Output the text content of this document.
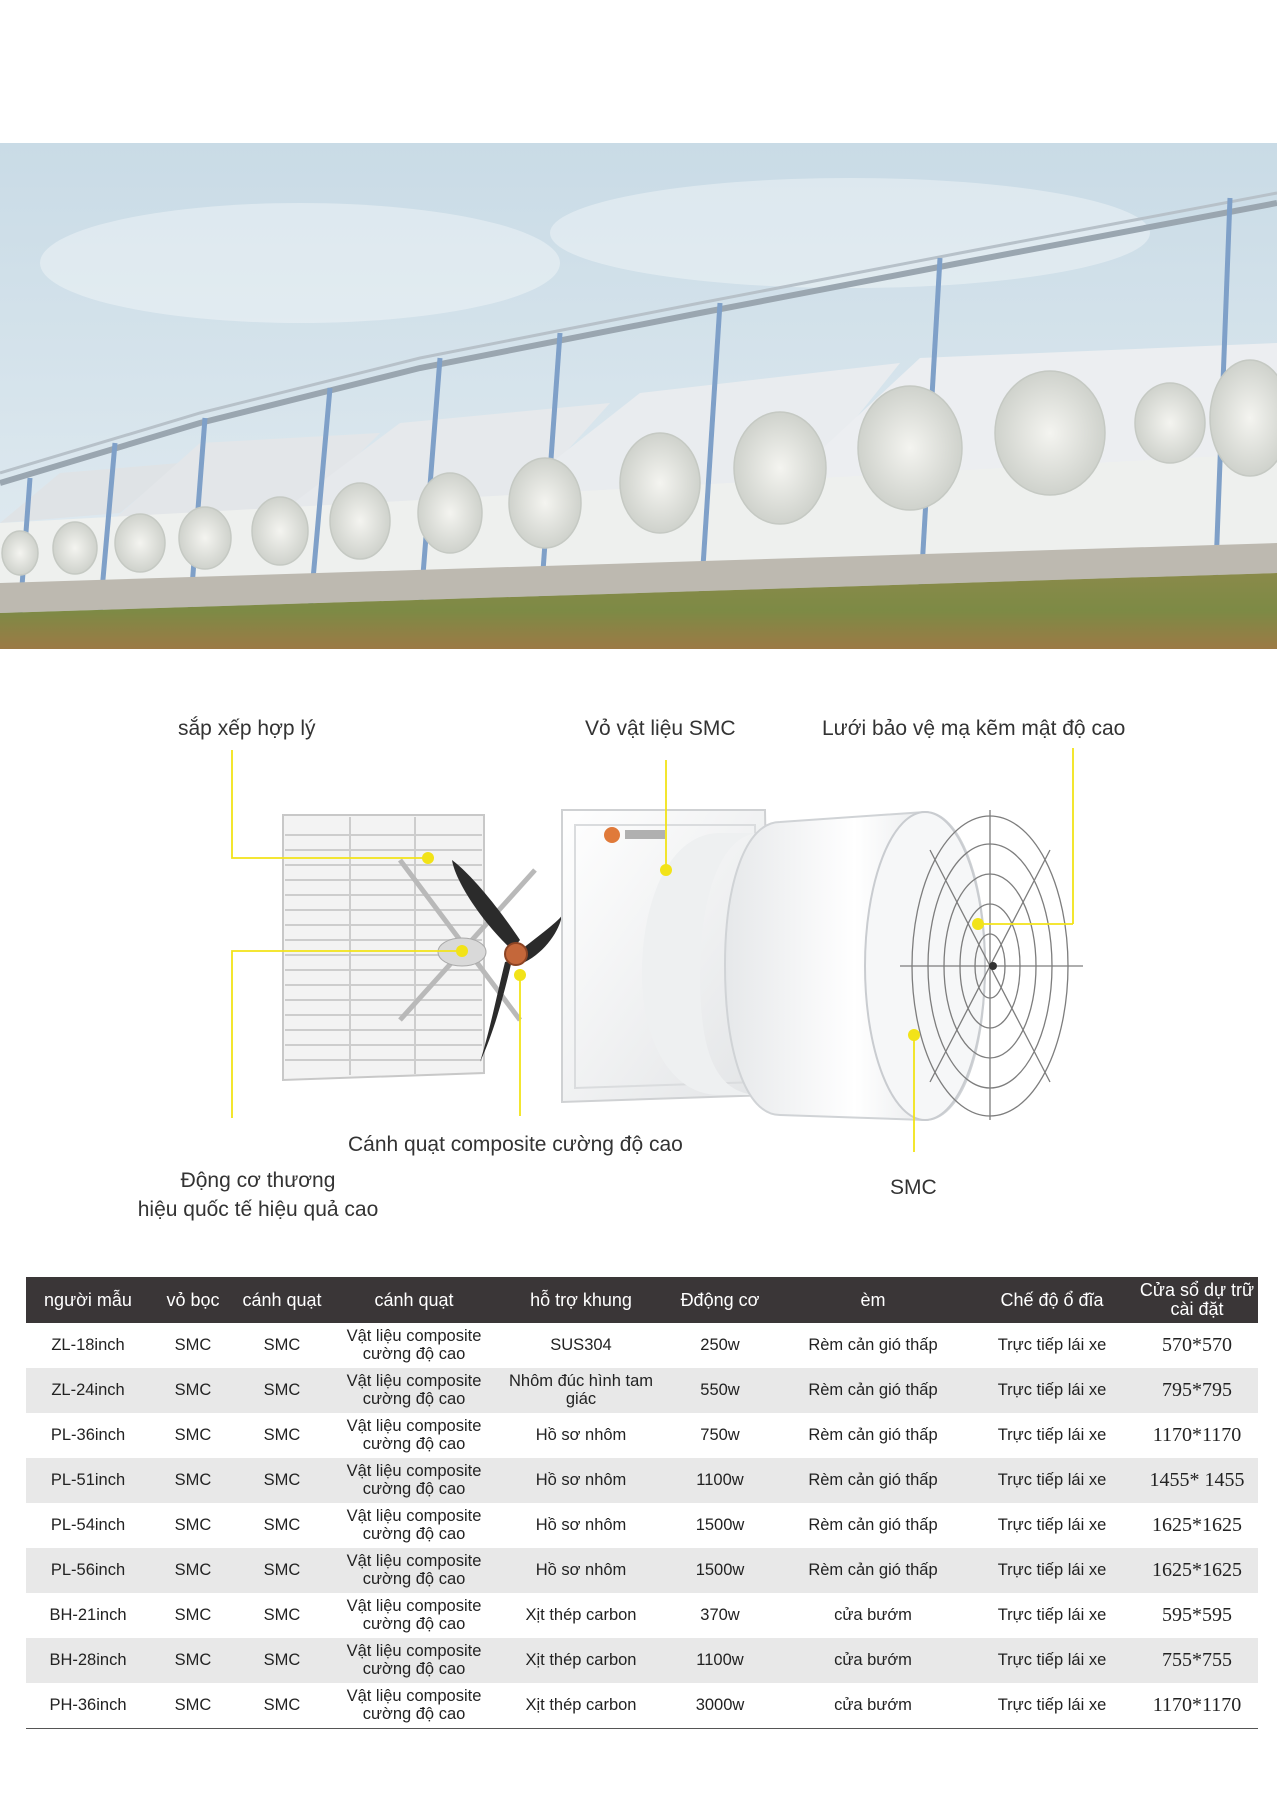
sắp xếp hợp lý	Vỏ vật liệu SMC	Lưới bảo vệ mạ kẽm mật độ cao
Cánh quạt composite cường độ cao
Động cơ thương
hiệu quốc tế hiệu quả cao
SMC
người mẫu	vỏ bọc	cánh quạt	cánh quạt	hỗ trợ khung	Đđộng cơ	èm	Chế độ ổ đĩa	Cửa sổ dự trữ cài đặt
ZL-18inch	SMC	SMC	Vật liệu composite cường độ cao	SUS304	250w	Rèm cản gió thấp	Trực tiếp lái xe	570*570
ZL-24inch	SMC	SMC	Vật liệu composite cường độ cao	Nhôm đúc hình tam giác	550w	Rèm cản gió thấp	Trực tiếp lái xe	795*795
PL-36inch	SMC	SMC	Vật liệu composite cường độ cao	Hồ sơ nhôm	750w	Rèm cản gió thấp	Trực tiếp lái xe	1170*1170
PL-51inch	SMC	SMC	Vật liệu composite cường độ cao	Hồ sơ nhôm	1100w	Rèm cản gió thấp	Trực tiếp lái xe	1455* 1455
PL-54inch	SMC	SMC	Vật liệu composite cường độ cao	Hồ sơ nhôm	1500w	Rèm cản gió thấp	Trực tiếp lái xe	1625*1625
PL-56inch	SMC	SMC	Vật liệu composite cường độ cao	Hồ sơ nhôm	1500w	Rèm cản gió thấp	Trực tiếp lái xe	1625*1625
BH-21inch	SMC	SMC	Vật liệu composite cường độ cao	Xịt thép carbon	370w	cửa bướm	Trực tiếp lái xe	595*595
BH-28inch	SMC	SMC	Vật liệu composite cường độ cao	Xịt thép carbon	1100w	cửa bướm	Trực tiếp lái xe	755*755
PH-36inch	SMC	SMC	Vật liệu composite cường độ cao	Xịt thép carbon	3000w	cửa bướm	Trực tiếp lái xe	1170*1170
